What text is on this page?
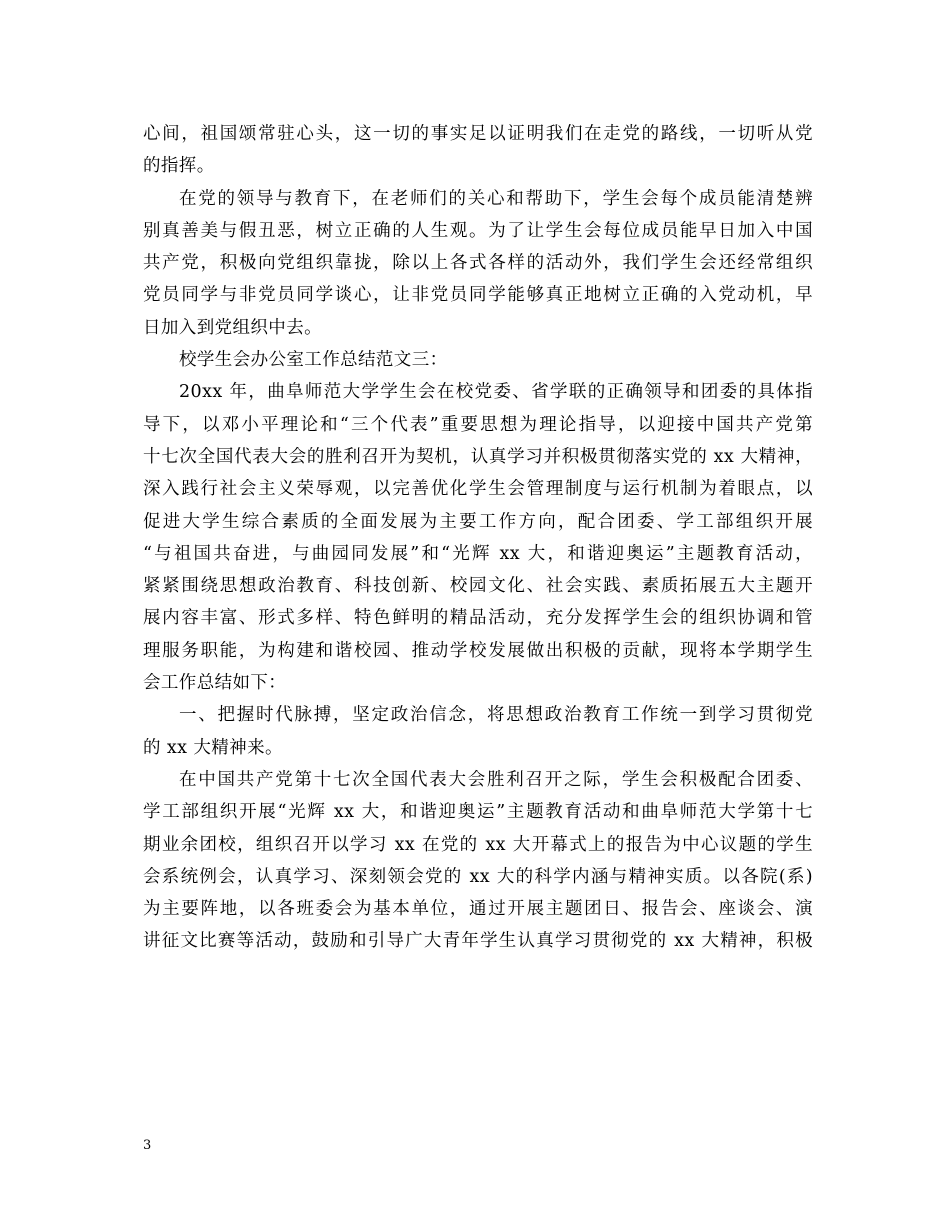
心间，祖国颂常驻心头，这一切的事实足以证明我们在走党的路线，一切听从党
的指挥。
在党的领导与教育下，在老师们的关心和帮助下，学生会每个成员能清楚辨
别真善美与假丑恶，树立正确的人生观。为了让学生会每位成员能早日加入中国
共产党，积极向党组织靠拢，除以上各式各样的活动外，我们学生会还经常组织
党员同学与非党员同学谈心，让非党员同学能够真正地树立正确的入党动机，早
日加入到党组织中去。
校学生会办公室工作总结范文三：
20xx 年，曲阜师范大学学生会在校党委、省学联的正确领导和团委的具体指
导下，以邓小平理论和“三个代表”重要思想为理论指导，以迎接中国共产党第
十七次全国代表大会的胜利召开为契机，认真学习并积极贯彻落实党的 xx 大精神，
深入践行社会主义荣辱观，以完善优化学生会管理制度与运行机制为着眼点，以
促进大学生综合素质的全面发展为主要工作方向，配合团委、学工部组织开展
“与祖国共奋进，与曲园同发展”和“光辉 xx 大，和谐迎奥运”主题教育活动，
紧紧围绕思想政治教育、科技创新、校园文化、社会实践、素质拓展五大主题开
展内容丰富、形式多样、特色鲜明的精品活动，充分发挥学生会的组织协调和管
理服务职能，为构建和谐校园、推动学校发展做出积极的贡献，现将本学期学生
会工作总结如下：
一、把握时代脉搏，坚定政治信念，将思想政治教育工作统一到学习贯彻党
的 xx 大精神来。
在中国共产党第十七次全国代表大会胜利召开之际，学生会积极配合团委、
学工部组织开展“光辉 xx 大，和谐迎奥运”主题教育活动和曲阜师范大学第十七
期业余团校，组织召开以学习 xx 在党的 xx 大开幕式上的报告为中心议题的学生
会系统例会，认真学习、深刻领会党的 xx 大的科学内涵与精神实质。以各院(系)
为主要阵地，以各班委会为基本单位，通过开展主题团日、报告会、座谈会、演
讲征文比赛等活动，鼓励和引导广大青年学生认真学习贯彻党的 xx 大精神，积极
3
